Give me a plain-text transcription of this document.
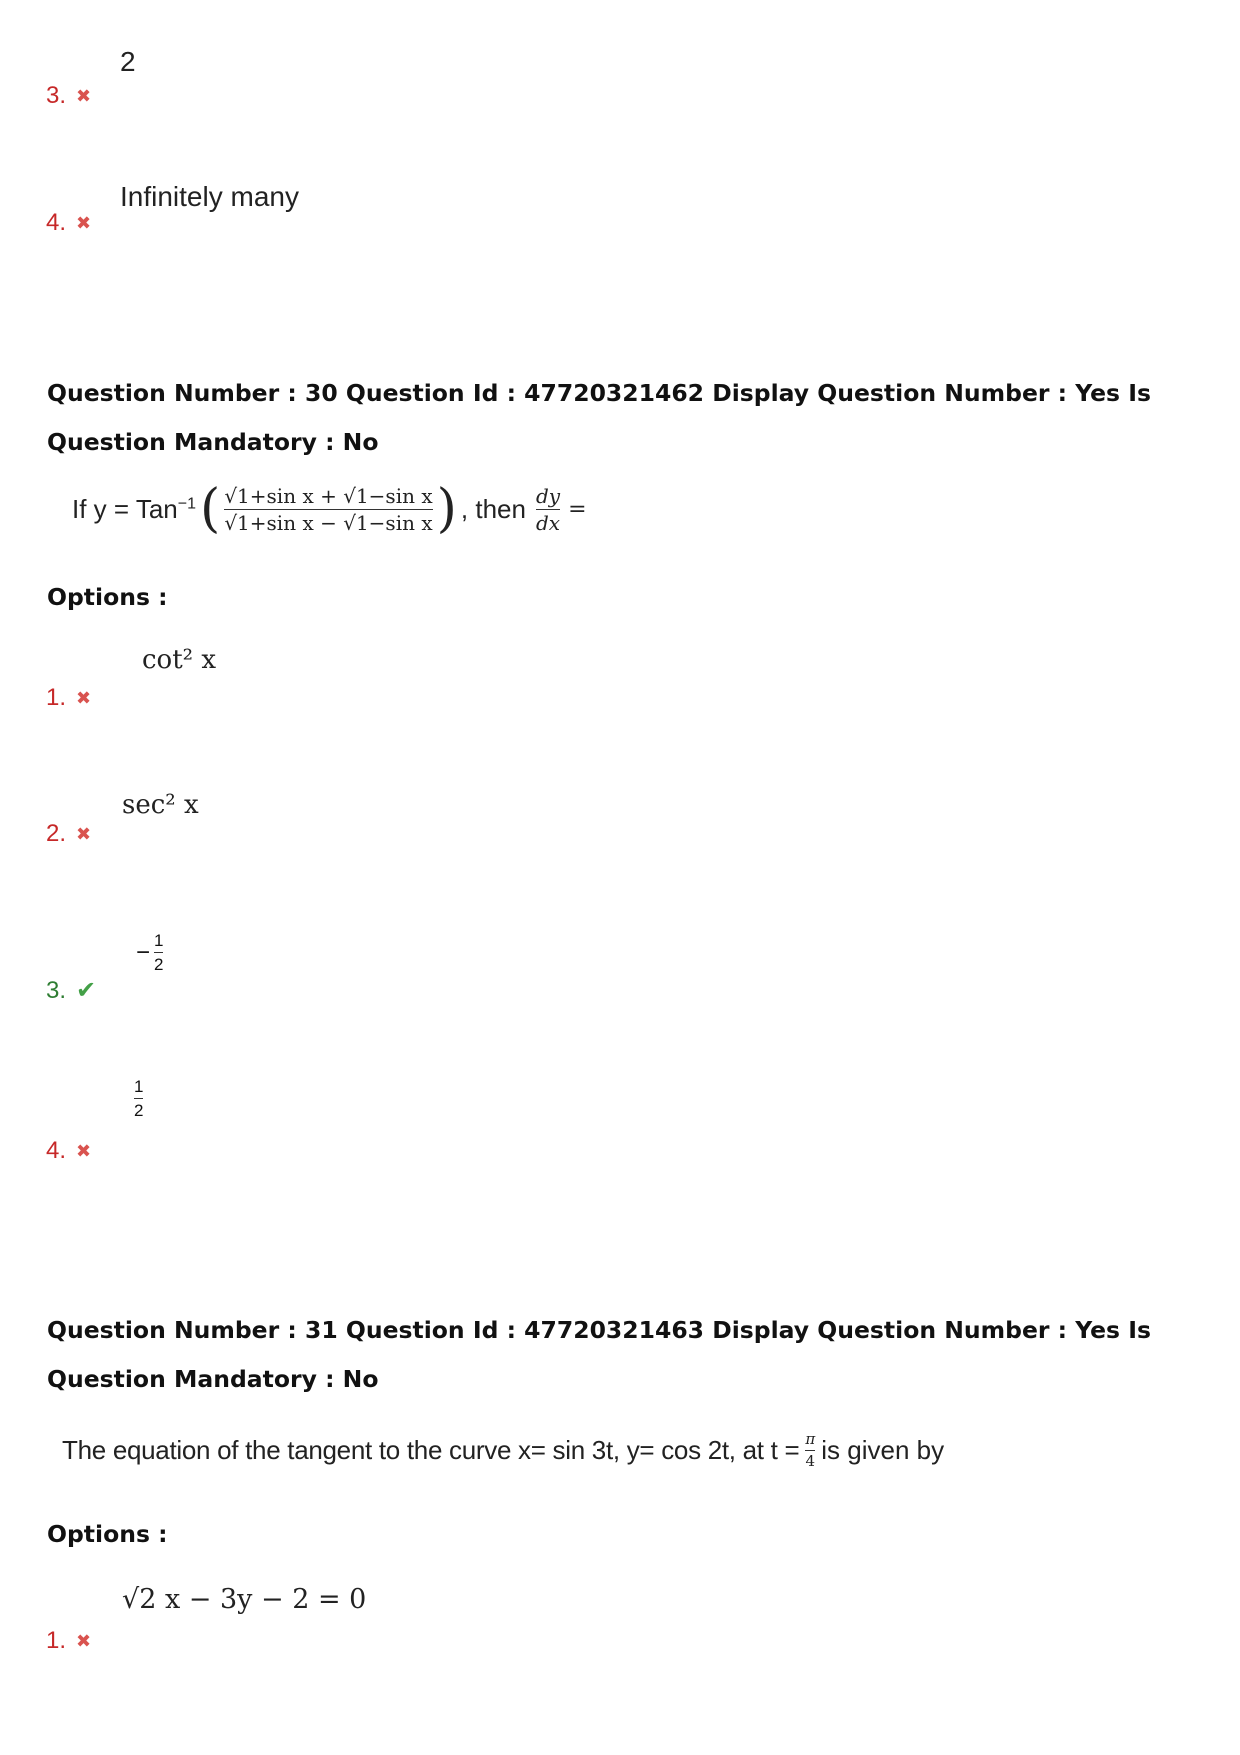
2
3. ✖
Infinitely many
4. ✖
Question Number : 30 Question Id : 47720321462 Display Question Number : Yes Is Question Mandatory : No
If y = Tan$^{-1}$ ( $\frac{\text{√1+sin x + √1−sin x}}{\text{√1+sin x − √1−sin x}}$ ) , then $\frac{dy}{dx}$ =
Options :
cot² x
1. ✖
sec² x
2. ✖
− $\frac{1}{2}$
3. ✔
$\frac{1}{2}$
4. ✖
Question Number : 31 Question Id : 47720321463 Display Question Number : Yes Is Question Mandatory : No
The equation of the tangent to the curve x= sin 3t, y= cos 2t, at $t = \frac{\pi}{4}$ is given by
Options :
√2 x − 3y − 2 = 0
1. ✖
